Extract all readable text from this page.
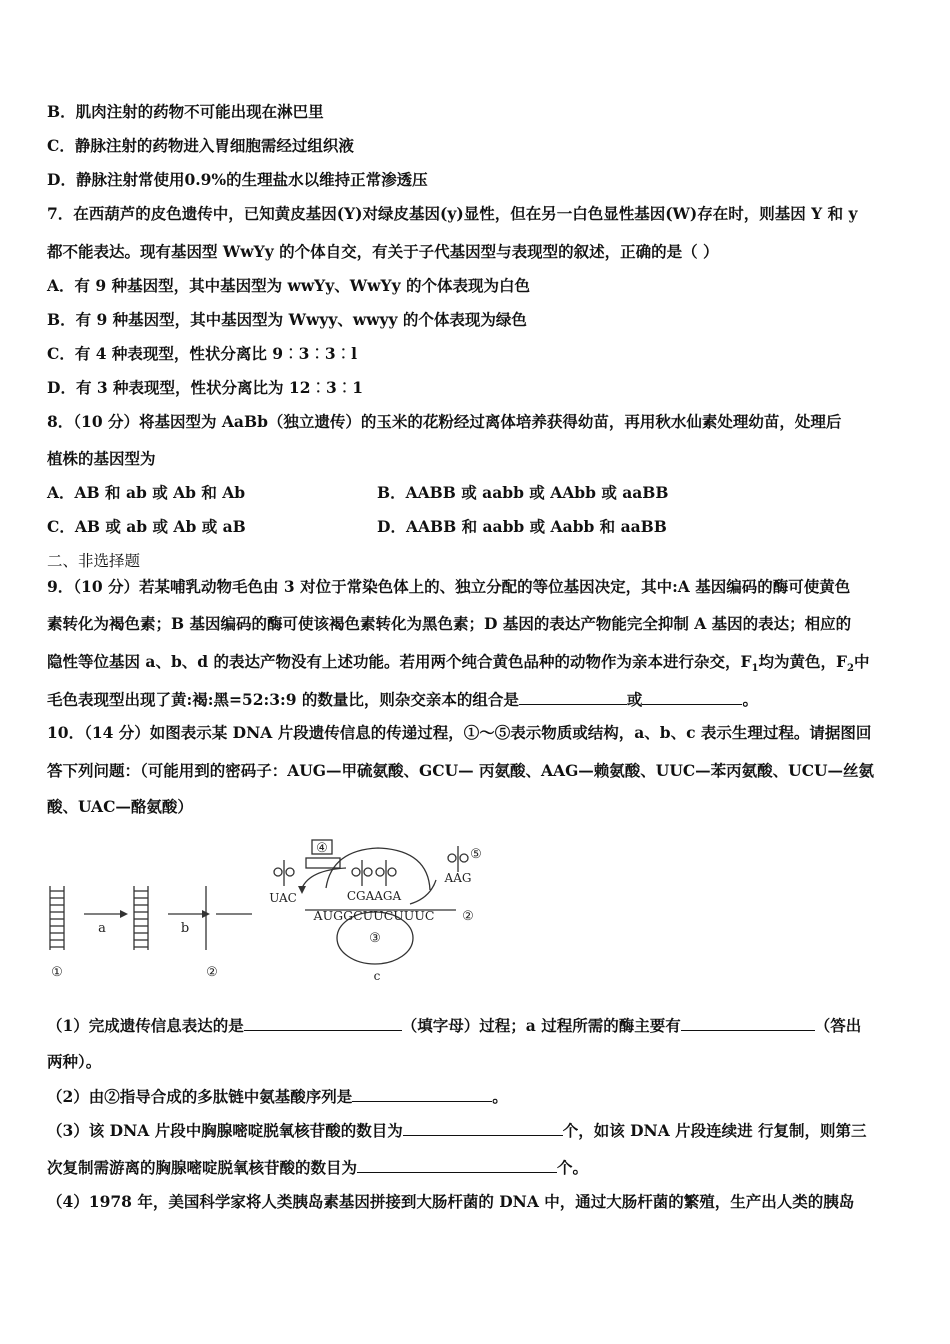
B．肌肉注射的药物不可能出现在淋巴里
C．静脉注射的药物进入胃细胞需经过组织液
D．静脉注射常使用0.9%的生理盐水以维持正常渗透压
7．在西葫芦的皮色遗传中，已知黄皮基因(Y)对绿皮基因(y)显性，但在另一白色显性基因(W)存在时，则基因 Y 和 y
都不能表达。现有基因型 WwYy 的个体自交，有关于子代基因型与表现型的叙述，正确的是（ ）
A．有 9 种基因型，其中基因型为 wwYy、WwYy 的个体表现为白色
B．有 9 种基因型，其中基因型为 Wwyy、wwyy 的个体表现为绿色
C．有 4 种表现型，性状分离比 9︰3︰3︰l
D．有 3 种表现型，性状分离比为 12︰3︰1
8．（10 分）将基因型为 AaBb（独立遗传）的玉米的花粉经过离体培养获得幼苗，再用秋水仙素处理幼苗，处理后
植株的基因型为
A．AB 和 ab 或 Ab 和 Ab	B．AABB 或 aabb 或 AAbb 或 aaBB
C．AB 或 ab 或 Ab 或 aB	D．AABB 和 aabb 或 Aabb 和 aaBB
二、非选择题
9．（10 分）若某哺乳动物毛色由 3 对位于常染色体上的、独立分配的等位基因决定，其中:A 基因编码的酶可使黄色
素转化为褐色素；B 基因编码的酶可使该褐色素转化为黑色素；D 基因的表达产物能完全抑制 A 基因的表达；相应的
隐性等位基因 a、b、d 的表达产物没有上述功能。若用两个纯合黄色品种的动物作为亲本进行杂交，$F_1$均为黄色，$F_2$中
毛色表现型出现了黄:褐:黑=52:3:9 的数量比，则杂交亲本的组合是	或	。
10．（14 分）如图表示某 DNA 片段遗传信息的传递过程，①～⑤表示物质或结构，a、b、c 表示生理过程。请据图回
答下列问题：（可能用到的密码子：AUG—甲硫氨酸、GCU— 丙氨酸、AAG—赖氨酸、UUC—苯丙氨酸、UCU—丝氨
酸、UAC—酪氨酸）
①
a	b
②
④	⑤
UAC
AAG
CGAAGA
AUGGCUUCUUUC ②
③
c
（1）完成遗传信息表达的是	（填字母）过程；a 过程所需的酶主要有	（答出
两种）。
（2）由②指导合成的多肽链中氨基酸序列是	。
（3）该 DNA 片段中胸腺嘧啶脱氧核苷酸的数目为	个，如该 DNA 片段连续进 行复制，则第三
次复制需游离的胸腺嘧啶脱氧核苷酸的数目为	个。
（4）1978 年，美国科学家将人类胰岛素基因拼接到大肠杆菌的 DNA 中，通过大肠杆菌的繁殖，生产出人类的胰岛
